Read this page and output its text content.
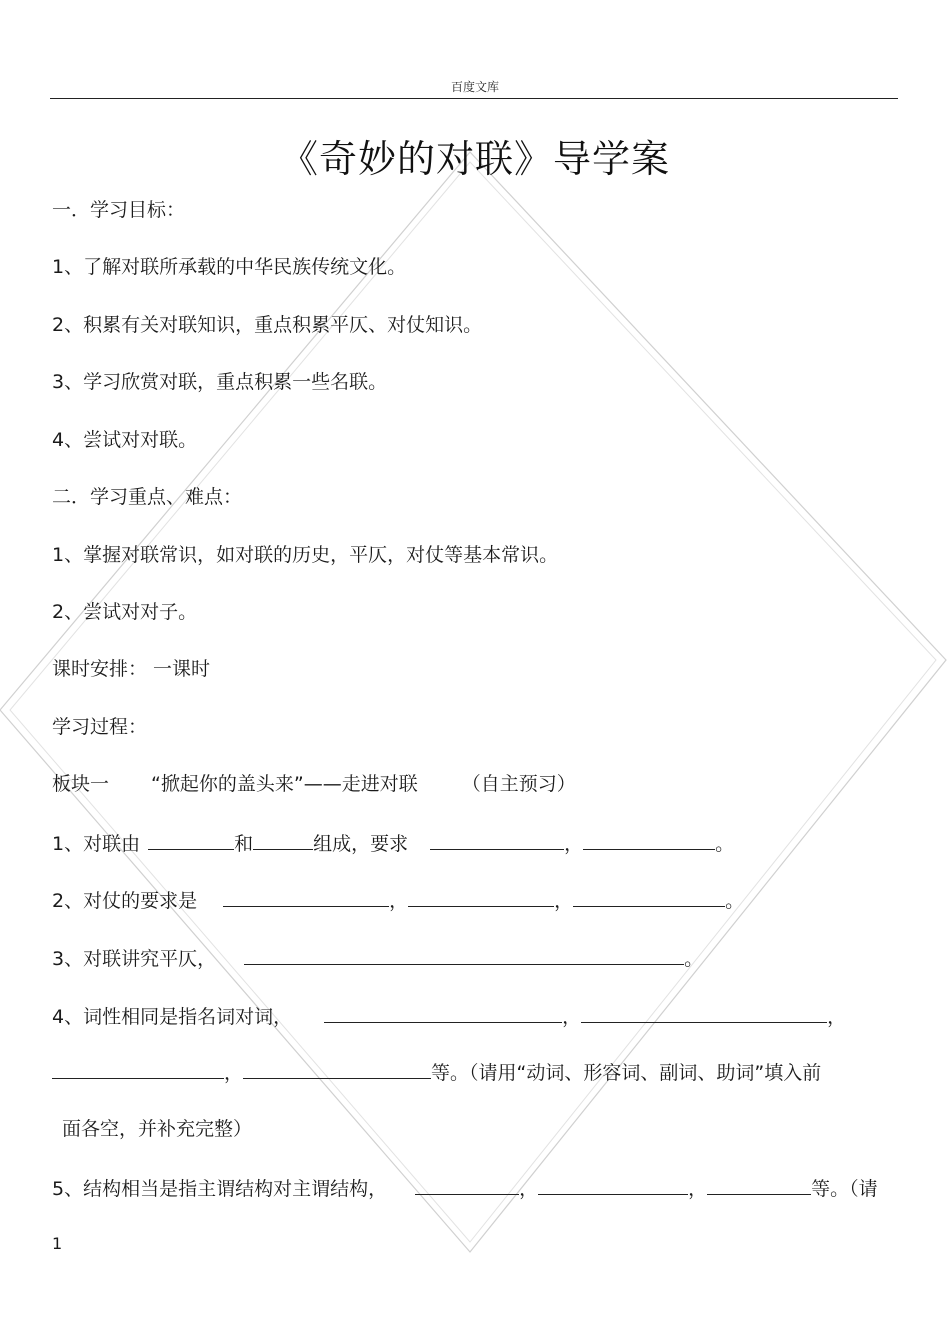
百度文库
《奇妙的对联》导学案
一．学习目标：
1、了解对联所承载的中华民族传统文化。
2、积累有关对联知识，重点积累平仄、对仗知识。
3、学习欣赏对联，重点积累一些名联。
4、尝试对对联。
二．学习重点、难点：
1、掌握对联常识，如对联的历史，平仄，对仗等基本常识。
2、尝试对对子。
课时安排： 一课时
学习过程：
板块一 “掀起你的盖头来”——走进对联 （自主预习）
1、对联由	和	组成，要求	，	。
2、对仗的要求是	，	，	。
3、对联讲究平仄，	。
4、词性相同是指名词对词，	，	，
，	等。（请用“动词、形容词、副词、助词”填入前
面各空，并补充完整）
5、结构相当是指主谓结构对主谓结构，	，	，	等。（请
1
